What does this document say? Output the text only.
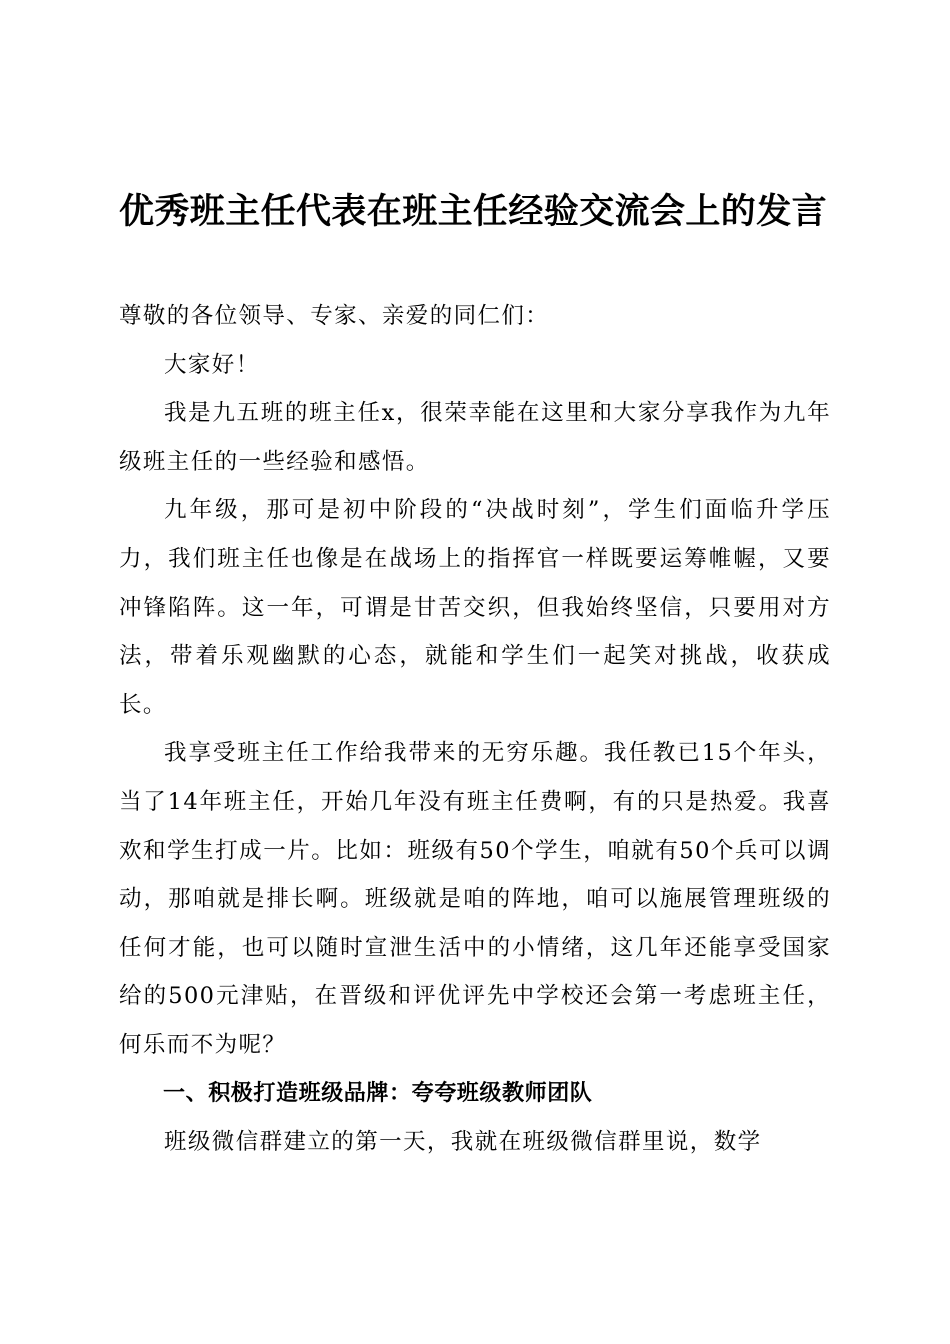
优秀班主任代表在班主任经验交流会上的发言

尊敬的各位领导、专家、亲爱的同仁们：

大家好！

我是九五班的班主任x，很荣幸能在这里和大家分享我作为九年级班主任的一些经验和感悟。

九年级，那可是初中阶段的“决战时刻”，学生们面临升学压力，我们班主任也像是在战场上的指挥官一样既要运筹帷幄，又要冲锋陷阵。这一年，可谓是甘苦交织，但我始终坚信，只要用对方法，带着乐观幽默的心态，就能和学生们一起笑对挑战，收获成长。

我享受班主任工作给我带来的无穷乐趣。我任教已15个年头，当了14年班主任，开始几年没有班主任费啊，有的只是热爱。我喜欢和学生打成一片。比如：班级有50个学生，咱就有50个兵可以调动，那咱就是排长啊。班级就是咱的阵地，咱可以施展管理班级的任何才能，也可以随时宣泄生活中的小情绪，这几年还能享受国家给的500元津贴，在晋级和评优评先中学校还会第一考虑班主任，何乐而不为呢？

一、积极打造班级品牌：夸夸班级教师团队

班级微信群建立的第一天，我就在班级微信群里说，数学
